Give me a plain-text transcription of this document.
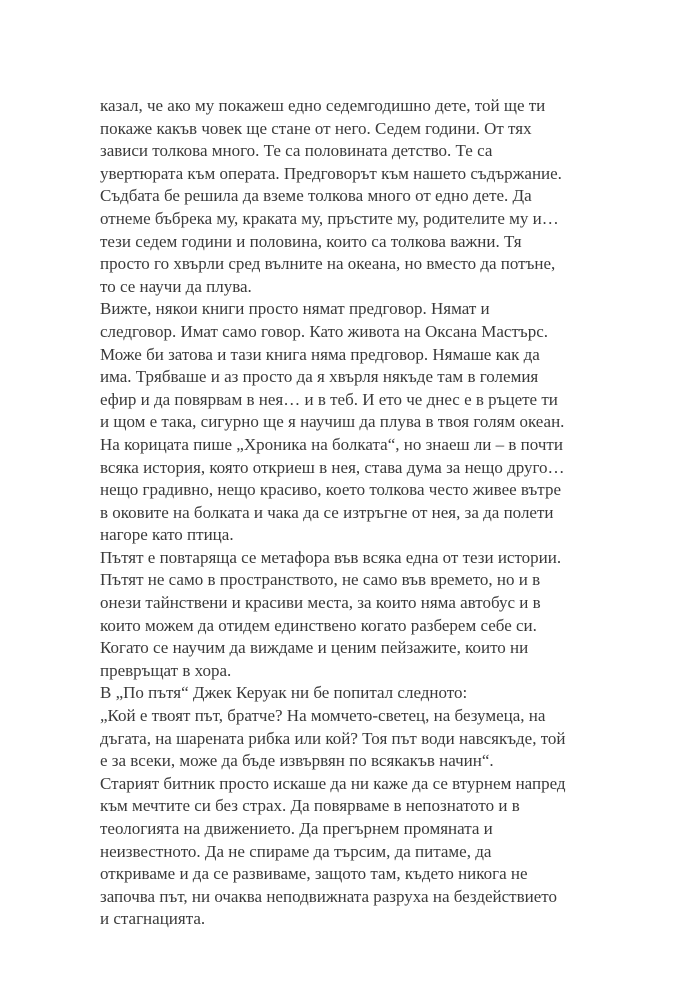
казал, че ако му покажеш едно седемгодишно дете, той ще ти
покаже какъв човек ще стане от него. Седем години. От тях
зависи толкова много. Те са половината детство. Те са
увертюрата към операта. Предговорът към нашето съдържание.
Съдбата бе решила да вземе толкова много от едно дете. Да
отнеме бъбрека му, краката му, пръстите му, родителите му и…
тези седем години и половина, които са толкова важни. Тя
просто го хвърли сред вълните на океана, но вместо да потъне,
то се научи да плува.
Вижте, някои книги просто нямат предговор. Нямат и
следговор. Имат само говор. Като живота на Оксана Мастърс.
Може би затова и тази книга няма предговор. Нямаше как да
има. Трябваше и аз просто да я хвърля някъде там в големия
ефир и да повярвам в нея… и в теб. И ето че днес е в ръцете ти
и щом е така, сигурно ще я научиш да плува в твоя голям океан.
На корицата пише „Хроника на болката“, но знаеш ли – в почти
всяка история, която откриеш в нея, става дума за нещо друго…
нещо градивно, нещо красиво, което толкова често живее вътре
в оковите на болката и чака да се изтръгне от нея, за да полети
нагоре като птица.
Пътят е повтаряща се метафора във всяка една от тези истории.
Пътят не само в пространството, не само във времето, но и в
онези тайнствени и красиви места, за които няма автобус и в
които можем да отидем единствено когато разберем себе си.
Когато се научим да виждаме и ценим пейзажите, които ни
превръщат в хора.
В „По пътя“ Джек Керуак ни бе попитал следното:
„Кой е твоят път, братче? На момчето-светец, на безумеца, на
дъгата, на шарената рибка или кой? Тоя път води навсякъде, той
е за всеки, може да бъде извървян по всякакъв начин“.
Старият битник просто искаше да ни каже да се втурнем напред
към мечтите си без страх. Да повярваме в непознатото и в
теологията на движението. Да прегърнем промяната и
неизвестното. Да не спираме да търсим, да питаме, да
откриваме и да се развиваме, защото там, където никога не
започва път, ни очаква неподвижната разруха на бездействието
и стагнацията.
